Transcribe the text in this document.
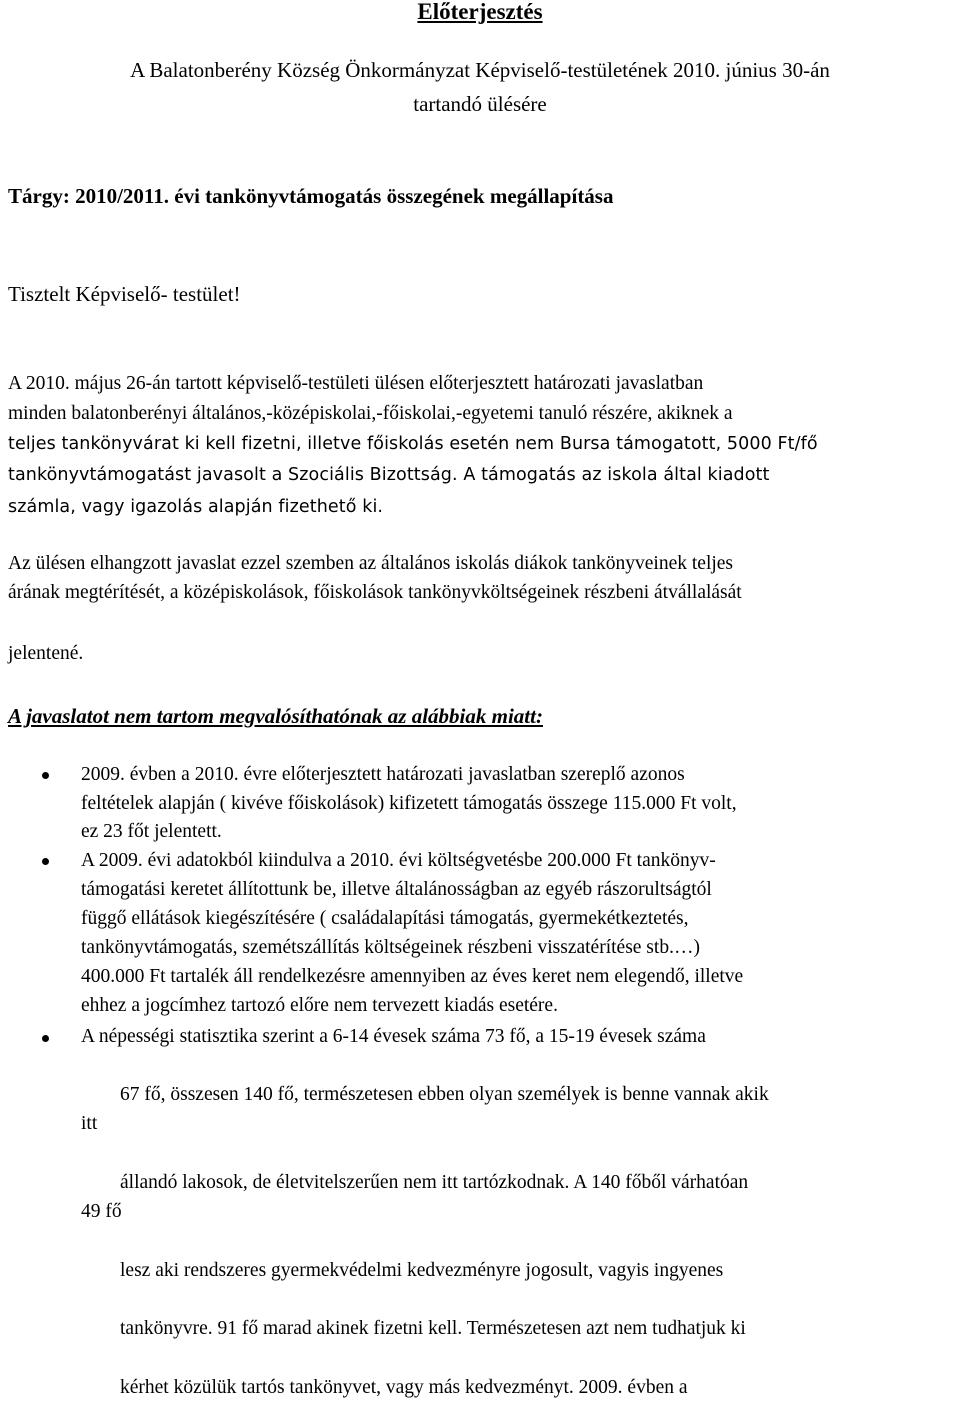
Előterjesztés
A Balatonberény Község Önkormányzat Képviselő-testületének 2010. június 30-án
tartandó ülésére
Tárgy: 2010/2011. évi tankönyvtámogatás összegének megállapítása
Tisztelt Képviselő- testület!
A 2010. május 26-án tartott képviselő-testületi ülésen előterjesztett határozati javaslatban
minden balatonberényi általános,-középiskolai,-főiskolai,-egyetemi tanuló részére, akiknek a
teljes tankönyvárat ki kell fizetni, illetve főiskolás esetén nem Bursa támogatott, 5000 Ft/fő
tankönyvtámogatást javasolt a Szociális Bizottság. A támogatás az iskola által kiadott
számla, vagy igazolás alapján fizethető ki.
Az ülésen elhangzott javaslat ezzel szemben az általános iskolás diákok tankönyveinek teljes
árának megtérítését, a középiskolások, főiskolások tankönyvköltségeinek részbeni átvállalását
jelentené.
A javaslatot nem tartom megvalósíthatónak az alábbiak miatt:
2009. évben a 2010. évre előterjesztett határozati javaslatban szereplő azonos
feltételek alapján ( kivéve főiskolások) kifizetett támogatás összege 115.000 Ft volt,
ez 23 főt jelentett.
A 2009. évi adatokból kiindulva a 2010. évi költségvetésbe 200.000 Ft tankönyv-
támogatási keretet állítottunk be, illetve általánosságban az egyéb rászorultságtól
függő ellátások kiegészítésére ( családalapítási támogatás, gyermekétkeztetés,
tankönyvtámogatás, szemétszállítás költségeinek részbeni visszatérítése stb.…)
400.000 Ft tartalék áll rendelkezésre amennyiben az éves keret nem elegendő, illetve
ehhez a jogcímhez tartozó előre nem tervezett kiadás esetére.
A népességi statisztika szerint a 6-14 évesek száma 73 fő, a 15-19 évesek száma
67 fő, összesen 140 fő, természetesen ebben olyan személyek is benne vannak akik
itt
állandó lakosok, de életvitelszerűen nem itt tartózkodnak. A 140 főből várhatóan
49 fő
lesz aki rendszeres gyermekvédelmi kedvezményre jogosult, vagyis ingyenes
tankönyvre. 91 fő marad akinek fizetni kell. Természetesen azt nem tudhatjuk ki
kérhet közülük tartós tankönyvet, vagy más kedvezményt. 2009. évben a
